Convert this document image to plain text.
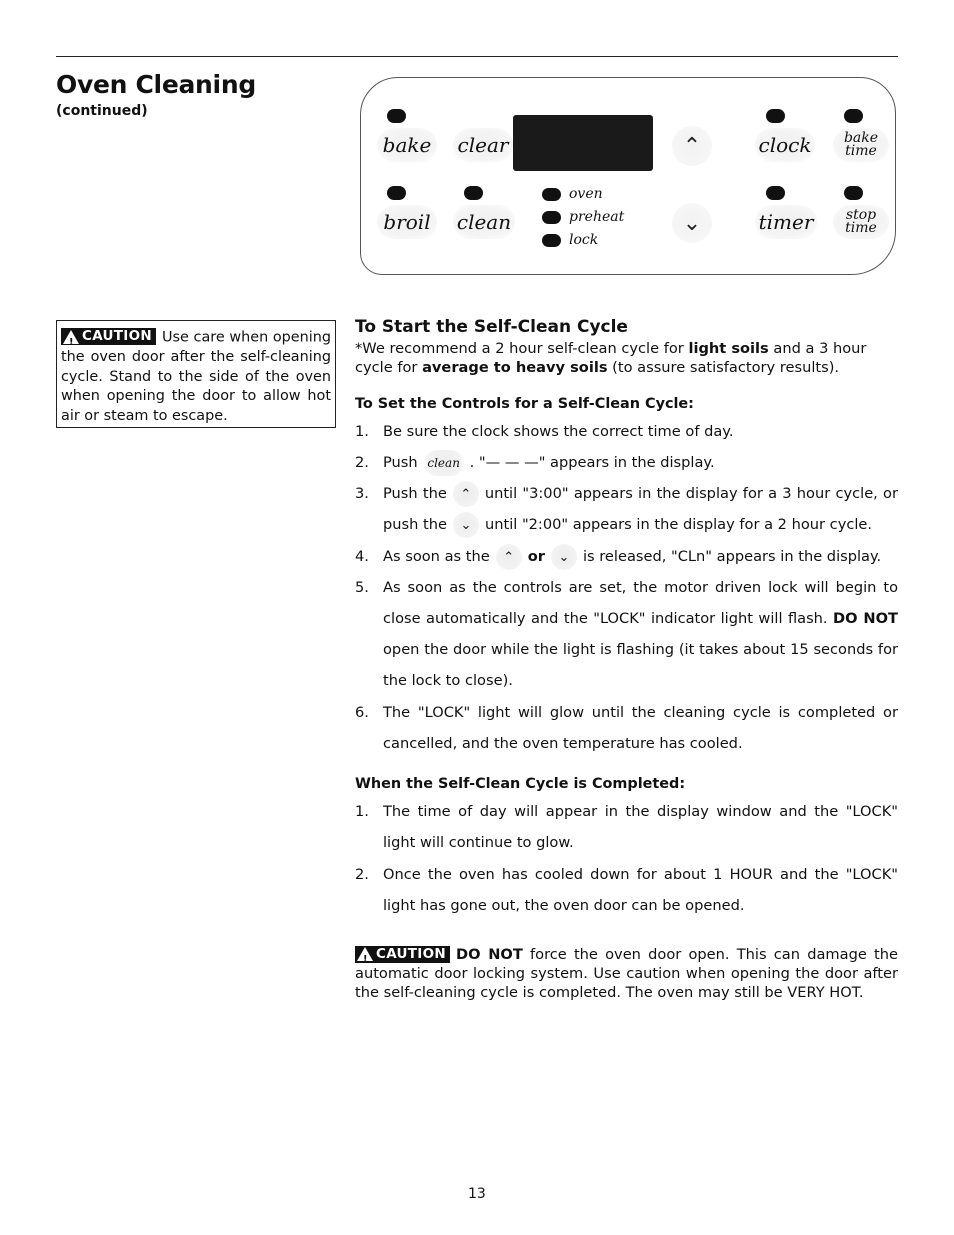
Oven Cleaning
(continued)
bake clear	⌃	clock bake
time
broil clean
oven
preheat
lock
⌄	timer stop
time
! CAUTION Use care when opening the oven door after the self-cleaning cycle. Stand to the side of the oven when opening the door to allow hot air or steam to escape.
To Start the Self-Clean Cycle
*We recommend a 2 hour self-clean cycle for light soils and a 3 hour cycle for average to heavy soils (to assure satisfactory results).
To Set the Controls for a Self-Clean Cycle:
1. Be sure the clock shows the correct time of day.
2. Push clean . "— — —" appears in the display.
3. Push the ⌃ until "3:00" appears in the display for a 3 hour cycle, or push the ⌄ until "2:00" appears in the display for a 2 hour cycle.
4. As soon as the ⌃ or ⌄ is released, "CLn" appears in the display.
5. As soon as the controls are set, the motor driven lock will begin to close automatically and the "LOCK" indicator light will flash. DO NOT open the door while the light is flashing (it takes about 15 seconds for the lock to close).
6. The "LOCK" light will glow until the cleaning cycle is completed or cancelled, and the oven temperature has cooled.
When the Self-Clean Cycle is Completed:
1. The time of day will appear in the display window and the "LOCK" light will continue to glow.
2. Once the oven has cooled down for about 1 HOUR and the "LOCK" light has gone out, the oven door can be opened.
! CAUTION DO NOT force the oven door open. This can damage the automatic door locking system. Use caution when opening the door after the self-cleaning cycle is completed. The oven may still be VERY HOT.
13
